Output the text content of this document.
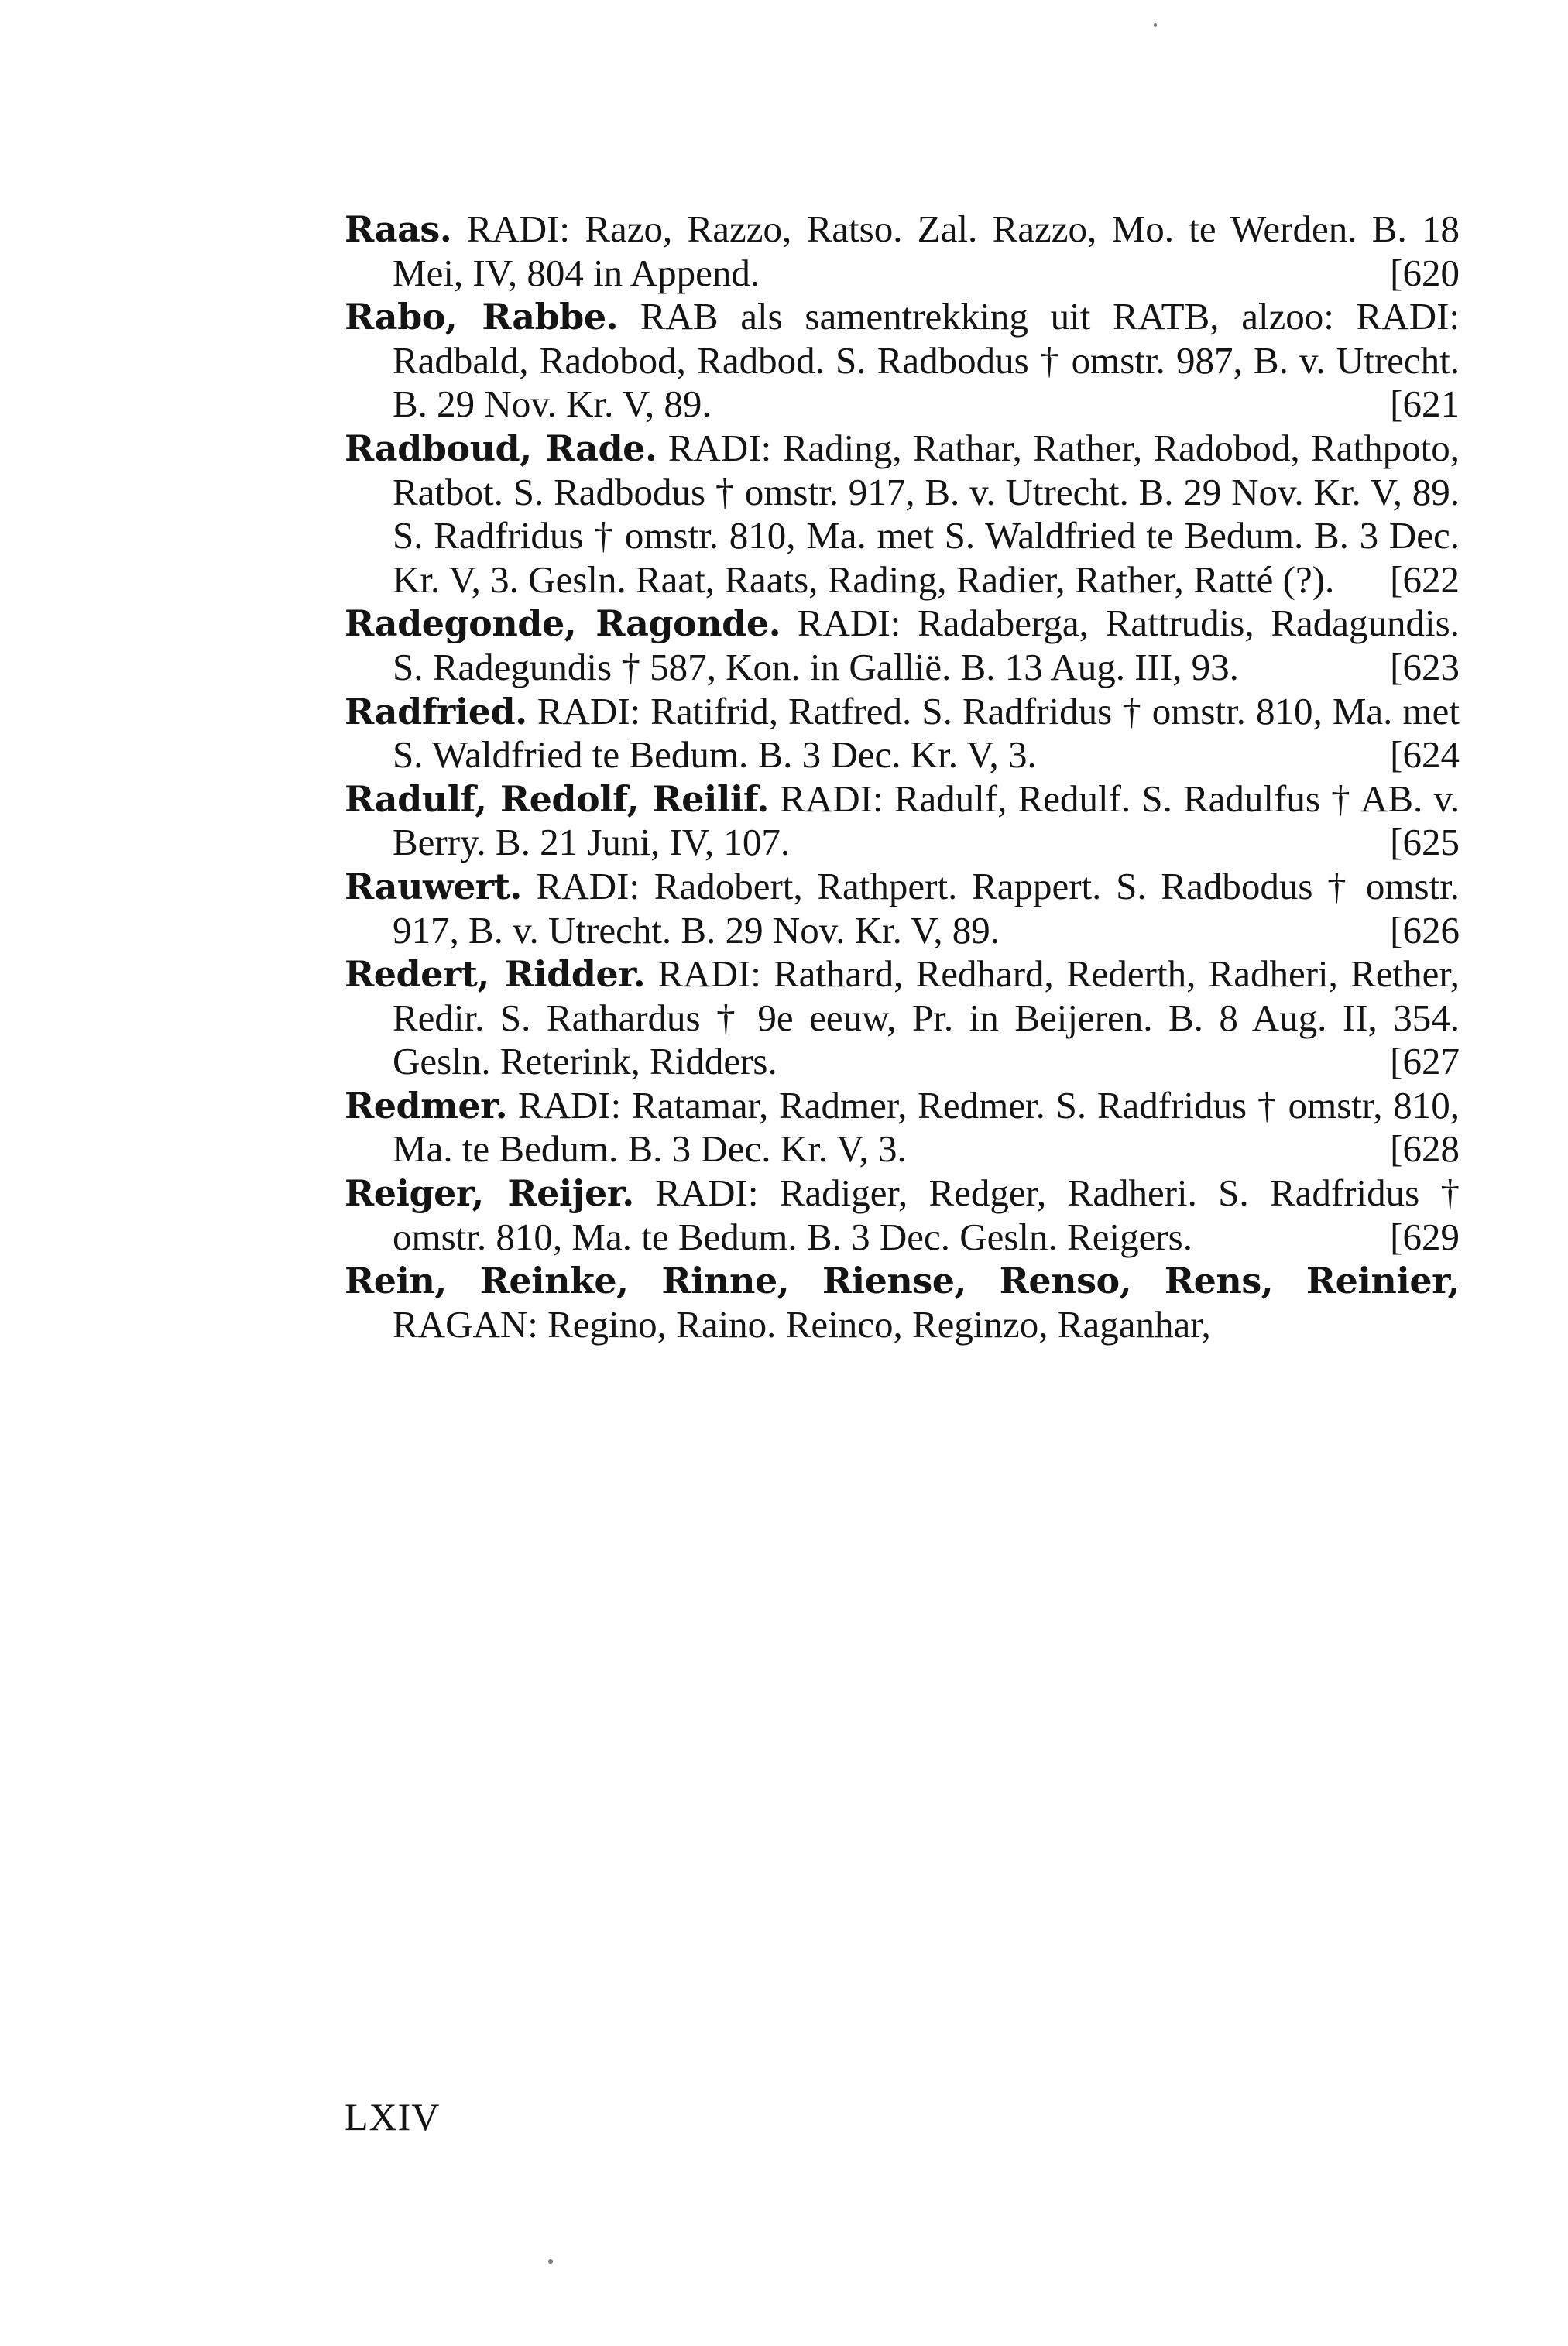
Raas. RADI: Razo, Razzo, Ratso. Zal. Razzo, Mo. te Werden. B. 18 Mei, IV, 804 in Append.	[620
Rabo, Rabbe. RAB als samentrekking uit RATB, alzoo: RADI: Radbald, Radobod, Radbod. S. Radbodus † omstr. 987, B. v. Utrecht. B. 29 Nov. Kr. V, 89.	[621
Radboud, Rade. RADI: Rading, Rathar, Rather, Radobod, Rathpoto, Ratbot. S. Radbodus † omstr. 917, B. v. Utrecht. B. 29 Nov. Kr. V, 89. S. Radfridus † omstr. 810, Ma. met S. Waldfried te Bedum. B. 3 Dec. Kr. V, 3. Gesln. Raat, Raats, Rading, Radier, Rather, Ratté (?). [622
Radegonde, Ragonde. RADI: Radaberga, Rattrudis, Radagundis. S. Radegundis † 587, Kon. in Gallië. B. 13 Aug. III, 93.	[623
Radfried. RADI: Ratifrid, Ratfred. S. Radfridus † omstr. 810, Ma. met S. Waldfried te Bedum. B. 3 Dec. Kr. V, 3.	[624
Radulf, Redolf, Reilif. RADI: Radulf, Redulf. S. Radulfus † AB. v. Berry. B. 21 Juni, IV, 107.	[625
Rauwert. RADI: Radobert, Rathpert. Rappert. S. Radbodus † omstr. 917, B. v. Utrecht. B. 29 Nov. Kr. V, 89.	[626
Redert, Ridder. RADI: Rathard, Redhard, Rederth, Radheri, Rether, Redir. S. Rathardus † 9e eeuw, Pr. in Beijeren. B. 8 Aug. II, 354. Gesln. Reterink, Ridders.	[627
Redmer. RADI: Ratamar, Radmer, Redmer. S. Radfridus † omstr, 810, Ma. te Bedum. B. 3 Dec. Kr. V, 3.	[628
Reiger, Reijer. RADI: Radiger, Redger, Radheri. S. Radfridus † omstr. 810, Ma. te Bedum. B. 3 Dec. Gesln. Reigers.	[629
Rein, Reinke, Rinne, Riense, Renso, Rens, Reinier, RAGAN: Regino, Raino. Reinco, Reginzo, Raganhar,
LXIV
